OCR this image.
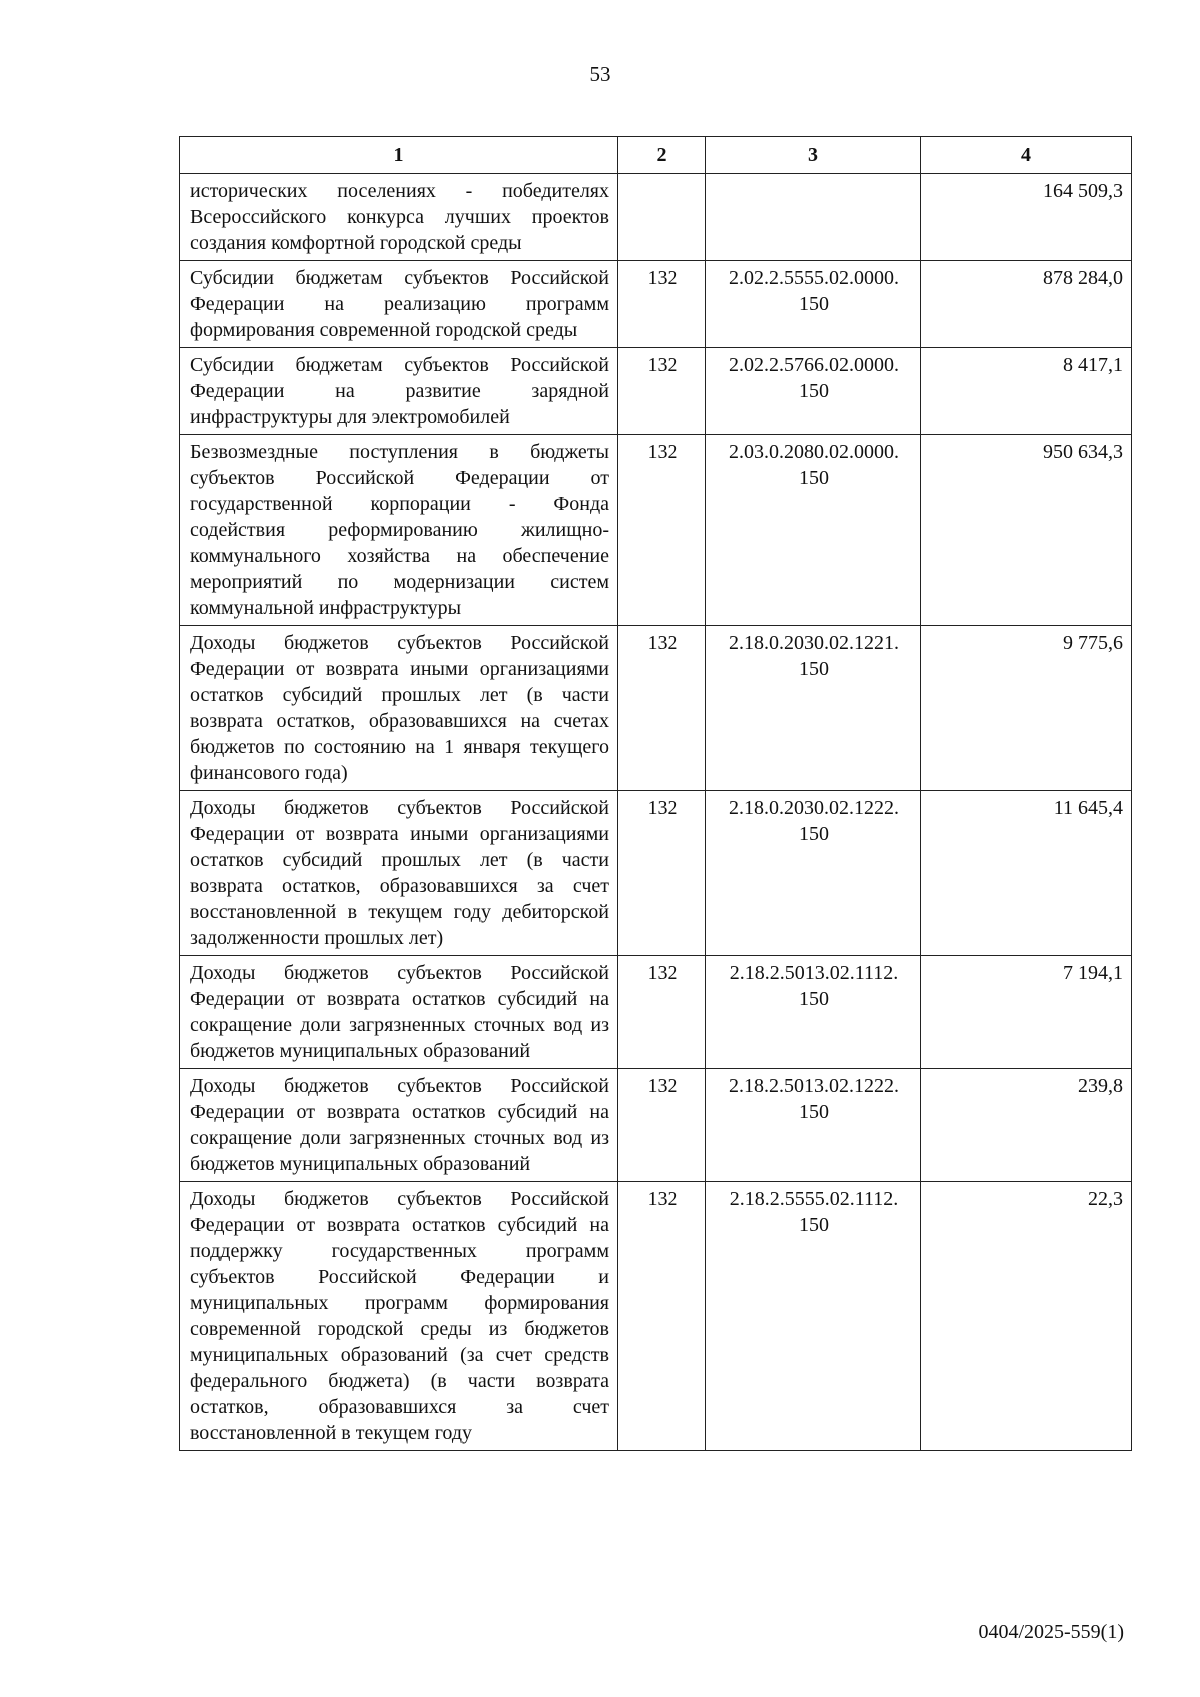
53
1	2	3	4
исторических поселениях - победителях Всероссийского конкурса лучших проектов создания комфортной городской среды			164 509,3
Субсидии бюджетам субъектов Российской Федерации на реализацию программ формирования современной городской среды	132	2.02.2.5555.02.0000. 150	878 284,0
Субсидии бюджетам субъектов Российской Федерации на развитие зарядной инфраструктуры для электромобилей	132	2.02.2.5766.02.0000. 150	8 417,1
Безвозмездные поступления в бюджеты субъектов Российской Федерации от государственной корпорации - Фонда содействия реформированию жилищно-коммунального хозяйства на обеспечение мероприятий по модернизации систем коммунальной инфраструктуры	132	2.03.0.2080.02.0000. 150	950 634,3
Доходы бюджетов субъектов Российской Федерации от возврата иными организациями остатков субсидий прошлых лет (в части возврата остатков, образовавшихся на счетах бюджетов по состоянию на 1 января текущего финансового года)	132	2.18.0.2030.02.1221. 150	9 775,6
Доходы бюджетов субъектов Российской Федерации от возврата иными организациями остатков субсидий прошлых лет (в части возврата остатков, образовавшихся за счет восстановленной в текущем году дебиторской задолженности прошлых лет)	132	2.18.0.2030.02.1222. 150	11 645,4
Доходы бюджетов субъектов Российской Федерации от возврата остатков субсидий на сокращение доли загрязненных сточных вод из бюджетов муниципальных образований	132	2.18.2.5013.02.1112. 150	7 194,1
Доходы бюджетов субъектов Российской Федерации от возврата остатков субсидий на сокращение доли загрязненных сточных вод из бюджетов муниципальных образований	132	2.18.2.5013.02.1222. 150	239,8
Доходы бюджетов субъектов Российской Федерации от возврата остатков субсидий на поддержку государственных программ субъектов Российской Федерации и муниципальных программ формирования современной городской среды из бюджетов муниципальных образований (за счет средств федерального бюджета) (в части возврата остатков, образовавшихся за счет восстановленной в текущем году	132	2.18.2.5555.02.1112. 150	22,3
0404/2025-559(1)
